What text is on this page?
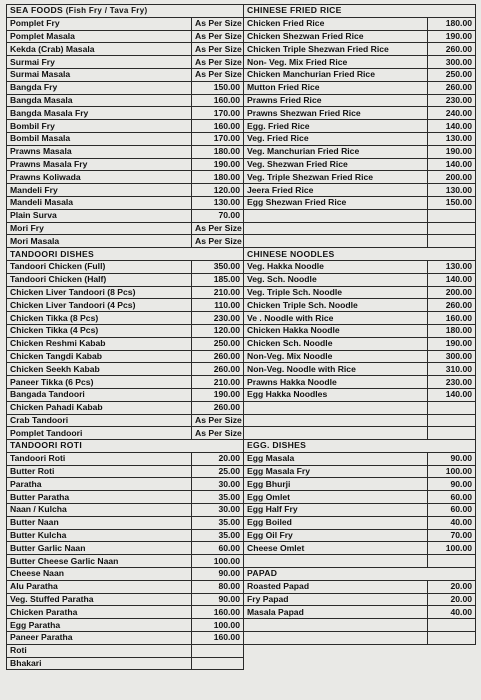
SEA FOODS (Fish Fry / Tava Fry)	
Pomplet Fry	As Per Size
Pomplet Masala	As Per Size
Kekda (Crab) Masala	As Per Size
Surmai Fry	As Per Size
Surmai Masala	As Per Size
Bangda Fry	150.00
Bangda Masala	160.00
Bangda Masala Fry	170.00
Bombil Fry	160.00
Bombil Masala	170.00
Prawns Masala	180.00
Prawns Masala Fry	190.00
Prawns Koliwada	180.00
Mandeli Fry	120.00
Mandeli Masala	130.00
Plain Surva	70.00
Mori Fry	As Per Size
Mori Masala	As Per Size
TANDOORI DISHES	
Tandoori Chicken (Full)	350.00
Tandoori Chicken (Half)	185.00
Chicken Liver Tandoori (8 Pcs)	210.00
Chicken Liver Tandoori (4 Pcs)	110.00
Chicken Tikka (8 Pcs)	230.00
Chicken Tikka (4 Pcs)	120.00
Chicken Reshmi Kabab	250.00
Chicken Tangdi Kabab	260.00
Chicken Seekh Kabab	260.00
Paneer Tikka (6 Pcs)	210.00
Bangada Tandoori	190.00
Chicken Pahadi Kabab	260.00
Crab Tandoori	As Per Size
Pomplet Tandoori	As Per Size
TANDOORI ROTI	
Tandoori Roti	20.00
Butter Roti	25.00
Paratha	30.00
Butter Paratha	35.00
Naan / Kulcha	30.00
Butter Naan	35.00
Butter Kulcha	35.00
Butter Garlic Naan	60.00
Butter Cheese Garlic Naan	100.00
Cheese Naan	90.00
Alu Paratha	80.00
Veg. Stuffed Paratha	90.00
Chicken Paratha	160.00
Egg Paratha	100.00
Paneer Paratha	160.00
Roti	
Bhakari	
CHINESE FRIED RICE	
Chicken Fried Rice	180.00
Chicken Shezwan Fried Rice	190.00
Chicken Triple Shezwan Fried Rice	260.00
Non- Veg. Mix Fried Rice	300.00
Chicken Manchurian Fried Rice	250.00
Mutton Fried Rice	260.00
Prawns Fried Rice	230.00
Prawns Shezwan Fried Rice	240.00
Egg. Fried Rice	140.00
Veg. Fried Rice	130.00
Veg. Manchurian Fried Rice	190.00
Veg. Shezwan Fried Rice	140.00
Veg. Triple Shezwan Fried Rice	200.00
Jeera Fried Rice	130.00
Egg Shezwan Fried Rice	150.00

CHINESE NOODLES	
Veg. Hakka Noodle	130.00
Veg. Sch. Noodle	140.00
Veg. Triple Sch. Noodle	200.00
Chicken Triple Sch. Noodle	260.00
Ve . Noodle with Rice	160.00
Chicken Hakka Noodle	180.00
Chicken Sch. Noodle	190.00
Non-Veg. Mix Noodle	300.00
Non-Veg. Noodle with Rice	310.00
Prawns Hakka Noodle	230.00
Egg Hakka Noodles	140.00

EGG. DISHES	
Egg Masala	90.00
Egg Masala Fry	100.00
Egg Bhurji	90.00
Egg Omlet	60.00
Egg Half Fry	60.00
Egg Boiled	40.00
Egg Oil Fry	70.00
Cheese Omlet	100.00

PAPAD	
Roasted Papad	20.00
Fry Papad	20.00
Masala Papad	40.00
